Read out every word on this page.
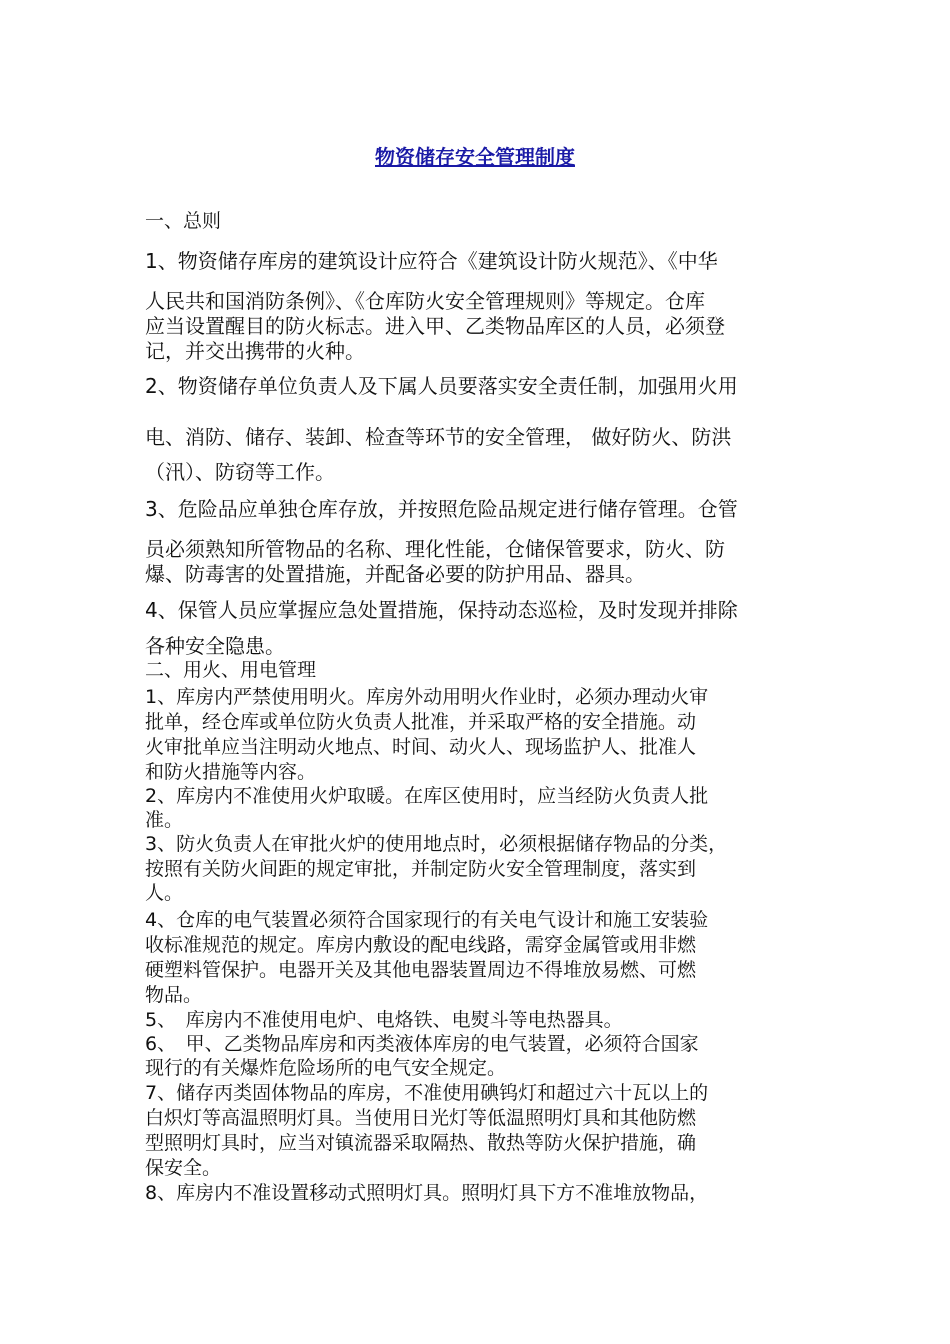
物资储存安全管理制度
一、总则
1、物资储存库房的建筑设计应符合《建筑设计防火规范》、《中华
人民共和国消防条例》、《仓库防火安全管理规则》等规定。仓库
应当设置醒目的防火标志。进入甲、乙类物品库区的人员，必须登
记，并交出携带的火种。
2、物资储存单位负责人及下属人员要落实安全责任制，加强用火用
电、消防、储存、装卸、检查等环节的安全管理， 做好防火、防洪
（汛）、防窃等工作。
3、危险品应单独仓库存放，并按照危险品规定进行储存管理。仓管
员必须熟知所管物品的名称、理化性能，仓储保管要求，防火、防
爆、防毒害的处置措施，并配备必要的防护用品、器具。
4、保管人员应掌握应急处置措施，保持动态巡检，及时发现并排除
各种安全隐患。
二、用火、用电管理
1、库房内严禁使用明火。库房外动用明火作业时，必须办理动火审
批单，经仓库或单位防火负责人批准，并采取严格的安全措施。动
火审批单应当注明动火地点、时间、动火人、现场监护人、批准人
和防火措施等内容。
2、库房内不准使用火炉取暖。在库区使用时，应当经防火负责人批
准。
3、防火负责人在审批火炉的使用地点时，必须根据储存物品的分类，
按照有关防火间距的规定审批，并制定防火安全管理制度，落实到
人。
4、仓库的电气装置必须符合国家现行的有关电气设计和施工安装验
收标准规范的规定。库房内敷设的配电线路，需穿金属管或用非燃
硬塑料管保护。电器开关及其他电器装置周边不得堆放易燃、可燃
物品。
5、　库房内不准使用电炉、电烙铁、电熨斗等电热器具。
6、　甲、乙类物品库房和丙类液体库房的电气装置，必须符合国家
现行的有关爆炸危险场所的电气安全规定。
7、储存丙类固体物品的库房，不准使用碘钨灯和超过六十瓦以上的
白炽灯等高温照明灯具。当使用日光灯等低温照明灯具和其他防燃
型照明灯具时，应当对镇流器采取隔热、散热等防火保护措施，确
保安全。
8、库房内不准设置移动式照明灯具。照明灯具下方不准堆放物品，
